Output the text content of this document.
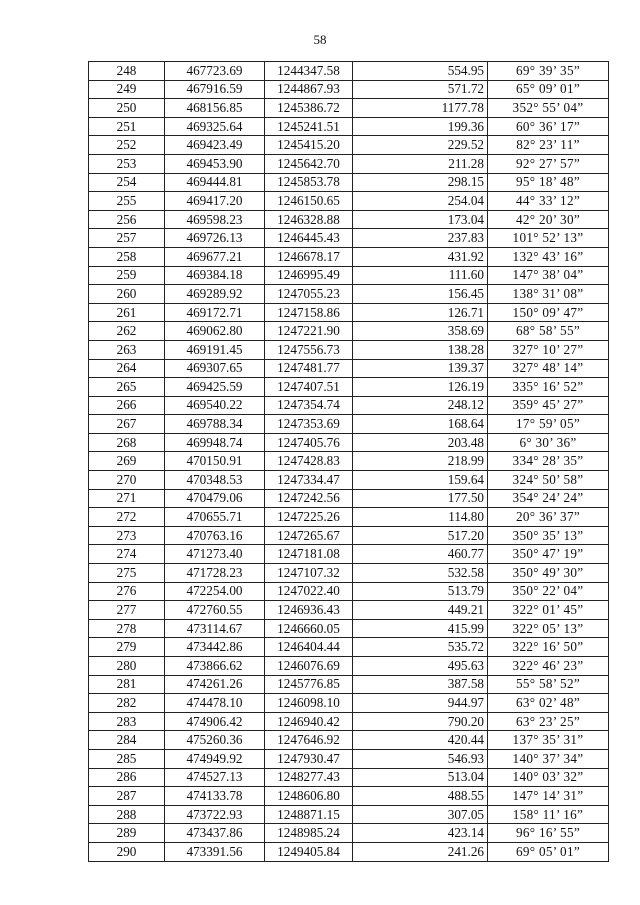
58
248	467723.69	1244347.58	554.95	69° 39’ 35”
249	467916.59	1244867.93	571.72	65° 09’ 01”
250	468156.85	1245386.72	1177.78	352° 55’ 04”
251	469325.64	1245241.51	199.36	60° 36’ 17”
252	469423.49	1245415.20	229.52	82° 23’ 11”
253	469453.90	1245642.70	211.28	92° 27’ 57”
254	469444.81	1245853.78	298.15	95° 18’ 48”
255	469417.20	1246150.65	254.04	44° 33’ 12”
256	469598.23	1246328.88	173.04	42° 20’ 30”
257	469726.13	1246445.43	237.83	101° 52’ 13”
258	469677.21	1246678.17	431.92	132° 43’ 16”
259	469384.18	1246995.49	111.60	147° 38’ 04”
260	469289.92	1247055.23	156.45	138° 31’ 08”
261	469172.71	1247158.86	126.71	150° 09’ 47”
262	469062.80	1247221.90	358.69	68° 58’ 55”
263	469191.45	1247556.73	138.28	327° 10’ 27”
264	469307.65	1247481.77	139.37	327° 48’ 14”
265	469425.59	1247407.51	126.19	335° 16’ 52”
266	469540.22	1247354.74	248.12	359° 45’ 27”
267	469788.34	1247353.69	168.64	17° 59’ 05”
268	469948.74	1247405.76	203.48	6° 30’ 36”
269	470150.91	1247428.83	218.99	334° 28’ 35”
270	470348.53	1247334.47	159.64	324° 50’ 58”
271	470479.06	1247242.56	177.50	354° 24’ 24”
272	470655.71	1247225.26	114.80	20° 36’ 37”
273	470763.16	1247265.67	517.20	350° 35’ 13”
274	471273.40	1247181.08	460.77	350° 47’ 19”
275	471728.23	1247107.32	532.58	350° 49’ 30”
276	472254.00	1247022.40	513.79	350° 22’ 04”
277	472760.55	1246936.43	449.21	322° 01’ 45”
278	473114.67	1246660.05	415.99	322° 05’ 13”
279	473442.86	1246404.44	535.72	322° 16’ 50”
280	473866.62	1246076.69	495.63	322° 46’ 23”
281	474261.26	1245776.85	387.58	55° 58’ 52”
282	474478.10	1246098.10	944.97	63° 02’ 48”
283	474906.42	1246940.42	790.20	63° 23’ 25”
284	475260.36	1247646.92	420.44	137° 35’ 31”
285	474949.92	1247930.47	546.93	140° 37’ 34”
286	474527.13	1248277.43	513.04	140° 03’ 32”
287	474133.78	1248606.80	488.55	147° 14’ 31”
288	473722.93	1248871.15	307.05	158° 11’ 16”
289	473437.86	1248985.24	423.14	96° 16’ 55”
290	473391.56	1249405.84	241.26	69° 05’ 01”
